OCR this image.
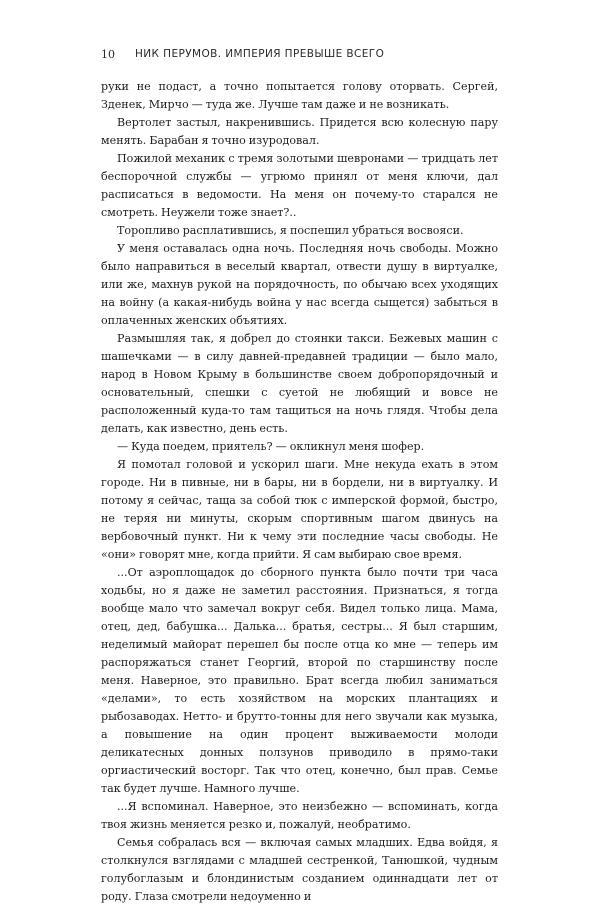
10 НИК ПЕРУМОВ. ИМПЕРИЯ ПРЕВЫШЕ ВСЕГО

руки не подаст, а точно попытается голову оторвать. Сергей, Зденек, Мирчо — туда же. Лучше там даже и не возникать.

Вертолет застыл, накренившись. Придется всю колесную пару менять. Барабан я точно изуродовал.

Пожилой механик с тремя золотыми шевронами — тридцать лет беспорочной службы — угрюмо принял от меня ключи, дал расписаться в ведомости. На меня он почему-то старался не смотреть. Неужели тоже знает?..

Торопливо расплатившись, я поспешил убраться восвояси.

У меня оставалась одна ночь. Последняя ночь свободы. Можно было направиться в веселый квартал, отвести душу в виртуалке, или же, махнув рукой на порядочность, по обычаю всех уходящих на войну (а какая-нибудь война у нас всегда сыщется) забыться в оплаченных женских объятиях.

Размышляя так, я добрел до стоянки такси. Бежевых машин с шашечками — в силу давней-предавней традиции — было мало, народ в Новом Крыму в большинстве своем добропорядочный и основательный, спешки с суетой не любящий и вовсе не расположенный куда-то там тащиться на ночь глядя. Чтобы дела делать, как известно, день есть.

— Куда поедем, приятель? — окликнул меня шофер.

Я помотал головой и ускорил шаги. Мне некуда ехать в этом городе. Ни в пивные, ни в бары, ни в бордели, ни в виртуалку. И потому я сейчас, таща за собой тюк с имперской формой, быстро, не теряя ни минуты, скорым спортивным шагом двинусь на вербовочный пункт. Ни к чему эти последние часы свободы. Не «они» говорят мне, когда прийти. Я сам выбираю свое время.

...От аэроплощадок до сборного пункта было почти три часа ходьбы, но я даже не заметил расстояния. Признаться, я тогда вообще мало что замечал вокруг себя. Видел только лица. Мама, отец, дед, бабушка... Далька... братья, сестры... Я был старшим, неделимый майорат перешел бы после отца ко мне — теперь им распоряжаться станет Георгий, второй по старшинству после меня. Наверное, это правильно. Брат всегда любил заниматься «делами», то есть хозяйством на морских плантациях и рыбозаводах. Нетто- и брутто-тонны для него звучали как музыка, а повышение на один процент выживаемости молоди деликатесных донных ползунов приводило в прямо-таки оргиастический восторг. Так что отец, конечно, был прав. Семье так будет лучше. Намного лучше.

...Я вспоминал. Наверное, это неизбежно — вспоминать, когда твоя жизнь меняется резко и, пожалуй, необратимо.

Семья собралась вся — включая самых младших. Едва войдя, я столкнулся взглядами с младшей сестренкой, Танюшкой, чудным голубоглазым и блондинистым созданием одиннадцати лет от роду. Глаза смотрели недоуменно и
